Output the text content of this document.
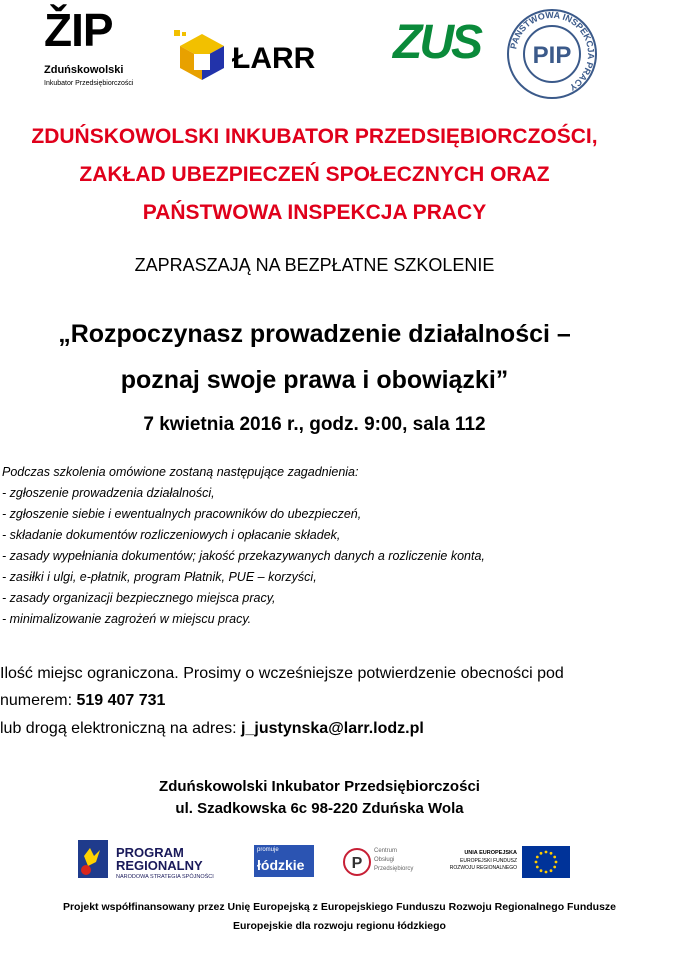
ŽIP
Zduńskowolski
Inkubator Przedsiębiorczości
ŁARR ZUS	PAŃSTWOWA INSPEKCJA PRACY
PIP
ZDUŃSKOWOLSKI INKUBATOR PRZEDSIĘBIORCZOŚCI,
ZAKŁAD UBEZPIECZEŃ SPOŁECZNYCH ORAZ
PAŃSTWOWA INSPEKCJA PRACY
ZAPRASZAJĄ NA BEZPŁATNE SZKOLENIE
„Rozpoczynasz prowadzenie działalności –
poznaj swoje prawa i obowiązki”
7 kwietnia 2016 r., godz. 9:00, sala 112
Podczas szkolenia omówione zostaną następujące zagadnienia:
- zgłoszenie prowadzenia działalności,
- zgłoszenie siebie i ewentualnych pracowników do ubezpieczeń,
- składanie dokumentów rozliczeniowych i opłacanie składek,
- zasady wypełniania dokumentów; jakość przekazywanych danych a rozliczenie konta,
- zasiłki i ulgi, e-płatnik, program Płatnik, PUE – korzyści,
- zasady organizacji bezpiecznego miejsca pracy,
- minimalizowanie zagrożeń w miejscu pracy.
Ilość miejsc ograniczona. Prosimy o wcześniejsze potwierdzenie obecności pod
numerem: 519 407 731
lub drogą elektroniczną na adres: j_justynska@larr.lodz.pl
Zduńskowolski Inkubator Przedsiębiorczości
ul. Szadkowska 6c 98-220 Zduńska Wola
PROGRAM
REGIONALNY
NARODOWA STRATEGIA SPÓJNOŚCI
promuje
łódzkie	P
Centrum
Obsługi
Przedsiębiorcy
UNIA EUROPEJSKA
EUROPEJSKI FUNDUSZ
ROZWOJU REGIONALNEGO
Projekt współfinansowany przez Unię Europejską z Europejskiego Funduszu Rozwoju Regionalnego Fundusze
Europejskie dla rozwoju regionu łódzkiego
